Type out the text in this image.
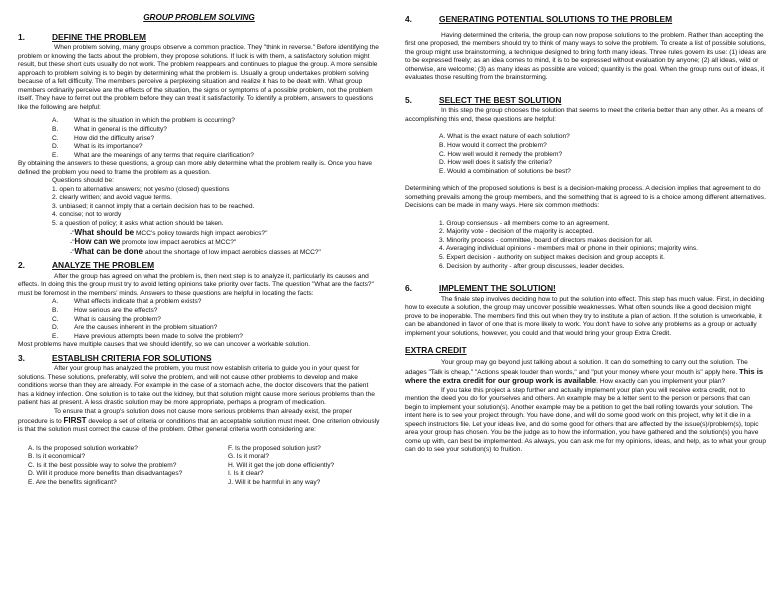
GROUP PROBLEM SOLVING
1.	DEFINE THE PROBLEM

When problem solving, many groups observe a common practice. They "think in reverse." Before identifying the problem or knowing the facts about the problem, they propose solutions. If luck is with them, a satisfactory solution might result, but these short cuts usually do not work. The problem reappears and continues to plague the group. A more sensible approach to problem solving is to begin by determining what the problem is. Usually a group undertakes problem solving because of a felt difficulty. The members perceive a perplexing situation and realize it has to be dealt with. What group members ordinarily perceive are the effects of the situation, the signs or symptoms of a possible problem, not the problem itself. They have to ferret out the problem before they can treat it satisfactorily. To identify a problem, answers to questions like the following are helpful:

A.	What is the situation in which the problem is occurring?
B.	What in general is the difficulty?
C.	How did the difficulty arise?
D.	What is its importance?
E.	What are the meanings of any terms that require clarification?

By obtaining the answers to these questions, a group can more ably determine what the problem really is. Once you have defined the problem you need to frame the problem as a question.

Questions should be:

1. open to alternative answers; not yes/no (closed) questions

2. clearly written; and avoid vague terms.

3. unbiased; it cannot imply that a certain decision has to be reached.

4. concise; not to wordy

5. a question of policy; it asks what action should be taken.

-"What should be MCC's policy towards high impact aerobics?"

-"How can we promote low impact aerobics at MCC?"

-"What can be done about the shortage of low impact aerobics classes at MCC?"

2.	ANALYZE THE PROBLEM

After the group has agreed on what the problem is, then next step is to analyze it, particularly its causes and effects. In doing this the group must try to avoid letting opinions take priority over facts. The question "What are the facts?" must be foremost in the members' minds. Answers to these questions are helpful in locating the facts:

A.	What effects indicate that a problem exists?
B.	How serious are the effects?
C.	What is causing the problem?
D.	Are the causes inherent in the problem situation?
E.	Have previous attempts been made to solve the problem?

Most problems have multiple causes that we should identify, so we can uncover a workable solution.

3.	ESTABLISH CRITERIA FOR SOLUTIONS

After your group has analyzed the problem, you must now establish criteria to guide you in your quest for solutions. These solutions, preferably, will solve the problem, and will not cause other problems to develop and make conditions worse than they are already. For example in the case of a stomach ache, the doctor discovers that the patient has a kidney infection. One solution is to take out the kidney, but that solution might cause more serious problems than the patient has at present. A less drastic solution may be more appropriate, perhaps a program of medication.

To ensure that a group's solution does not cause more serious problems than already exist, the proper procedure is to FIRST develop a set of criteria or conditions that an acceptable solution must meet. One criterion obviously is that the solution must correct the cause of the problem. Other general criteria worth considering are:

A. Is the proposed solution workable?
B. Is it economical?
C. Is it the best possible way to solve the problem?
D. Will it produce more benefits than disadvantages?
E. Are the benefits significant?
F. Is the proposed solution just?
G. Is it moral?
H. Will it get the job done efficiently?
I. Is it clear?
J. Will it be harmful in any way?
4.	GENERATING POTENTIAL SOLUTIONS TO THE PROBLEM

Having determined the criteria, the group can now propose solutions to the problem. Rather than accepting the first one proposed, the members should try to think of many ways to solve the problem. To create a list of possible solutions, the group might use brainstorming, a technique designed to bring forth many ideas. Three rules govern its use: (1) ideas are to be expressed freely; as an idea comes to mind, it is to be expressed without evaluation by anyone; (2) all ideas, wild or otherwise, are welcome; (3) as many ideas as possible are voiced; quantity is the goal. When the group runs out of ideas, it evaluates those resulting from the brainstorming.

5.	SELECT THE BEST SOLUTION

In this step the group chooses the solution that seems to meet the criteria better than any other. As a means of accomplishing this end, these questions are helpful:

A. What is the exact nature of each solution?
B. How would it correct the problem?
C. How well would it remedy the problem?
D. How well does it satisfy the criteria?
E. Would a combination of solutions be best?

Determining which of the proposed solutions is best is a decision-making process. A decision implies that agreement to do something prevails among the group members, and the something that is agreed to is a choice among different alternatives. Decisions can be made in many ways. Here six common methods:

1. Group consensus - all members come to an agreement.
2. Majority vote - decision of the majority is accepted.
3. Minority process - committee, board of directors makes decision for all.
4. Averaging individual opinions - members mail or phone in their opinions; majority wins.
5. Expert decision - authority on subject makes decision and group accepts it.
6. Decision by authority - after group discusses, leader decides.
6.	IMPLEMENT THE SOLUTION!

The finale step involves deciding how to put the solution into effect. This step has much value. First, in deciding how to execute a solution, the group may uncover possible weaknesses. What often sounds like a good decision might prove to be inoperable. The members find this out when they try to institute a plan of action. If the solution is unworkable, it can be abandoned in favor of one that is more likely to work. You don't have to solve any problems as a group or actually implement your solutions, however, you could and that would bring your group Extra Credit.

EXTRA CREDIT

Your group may go beyond just talking about a solution. It can do something to carry out the solution. The adages "Talk is cheap," "Actions speak louder than words," and "put your money where your mouth is" apply here. This is where the extra credit for our group work is available. How exactly can you implement your plan?

If you take this project a step further and actually implement your plan you will receive extra credit, not to mention the deed you do for yourselves and others. An example may be a letter sent to the person or persons that can begin to implement your solution(s). Another example may be a petition to get the ball rolling towards your solution. The intent here is to see your project through. You have done, and will do some good work on this project, why let it die in a speech instructors file. Let your ideas live, and do some good for others that are affected by the issue(s)/problem(s), topic area your group has chosen. You be the judge as to how the information, you have gathered and the solution(s) you have come up with, can best be implemented. As always, you can ask me for my opinions, ideas, and help, as to what your group can do to see your solution(s) to fruition.
